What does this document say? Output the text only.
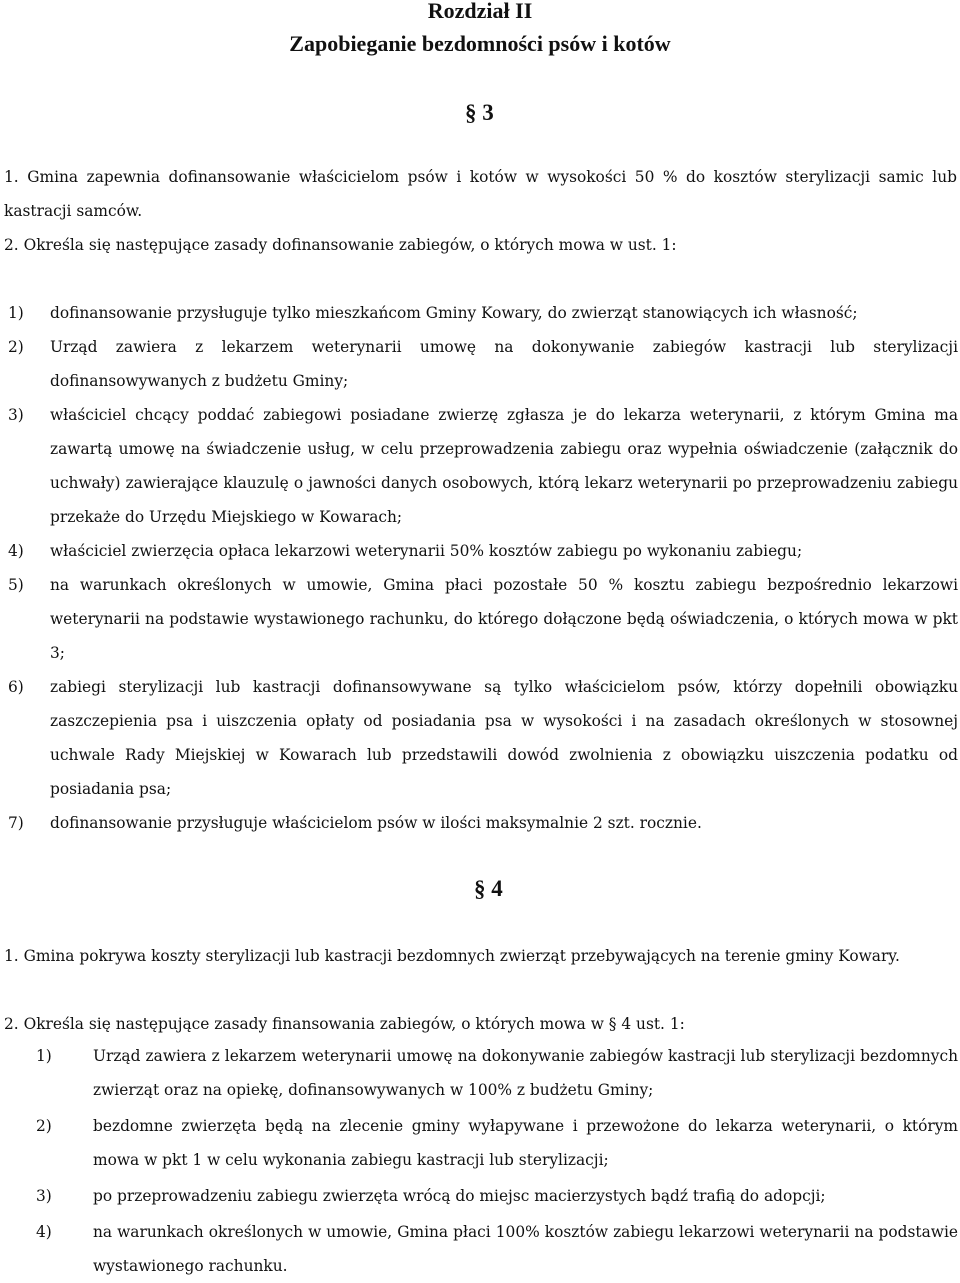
Rozdział II
Zapobieganie bezdomności psów i kotów
§ 3

1. Gmina zapewnia dofinansowanie właścicielom psów i kotów w wysokości 50 % do kosztów sterylizacji samic lub kastracji samców.

2. Określa się następujące zasady dofinansowanie zabiegów, o których mowa w ust. 1:

1) dofinansowanie przysługuje tylko mieszkańcom Gminy Kowary, do zwierząt stanowiących ich własność;
2) Urząd zawiera z lekarzem weterynarii umowę na dokonywanie zabiegów kastracji lub sterylizacji dofinansowywanych z budżetu Gminy;
3) właściciel chcący poddać zabiegowi posiadane zwierzę zgłasza je do lekarza weterynarii, z którym Gmina ma zawartą umowę na świadczenie usług, w celu przeprowadzenia zabiegu oraz wypełnia oświadczenie (załącznik do uchwały) zawierające klauzulę o jawności danych osobowych, którą lekarz weterynarii po przeprowadzeniu zabiegu przekaże do Urzędu Miejskiego w Kowarach;
4) właściciel zwierzęcia opłaca lekarzowi weterynarii 50% kosztów zabiegu po wykonaniu zabiegu;
5) na warunkach określonych w umowie, Gmina płaci pozostałe 50 % kosztu zabiegu bezpośrednio lekarzowi weterynarii na podstawie wystawionego rachunku, do którego dołączone będą oświadczenia, o których mowa w pkt 3;
6) zabiegi sterylizacji lub kastracji dofinansowywane są tylko właścicielom psów, którzy dopełnili obowiązku zaszczepienia psa i uiszczenia opłaty od posiadania psa w wysokości i na zasadach określonych w stosownej uchwale Rady Miejskiej w Kowarach lub przedstawili dowód zwolnienia z obowiązku uiszczenia podatku od posiadania psa;
7) dofinansowanie przysługuje właścicielom psów w ilości maksymalnie 2 szt. rocznie.
§ 4

1. Gmina pokrywa koszty sterylizacji lub kastracji bezdomnych zwierząt przebywających na terenie gminy Kowary.

2. Określa się następujące zasady finansowania zabiegów, o których mowa w § 4 ust. 1:

1)	Urząd zawiera z lekarzem weterynarii umowę na dokonywanie zabiegów kastracji lub sterylizacji bezdomnych zwierząt oraz na opiekę, dofinansowywanych w 100% z budżetu Gminy;
2)	bezdomne zwierzęta będą na zlecenie gminy wyłapywane i przewożone do lekarza weterynarii, o którym mowa w pkt 1 w celu wykonania zabiegu kastracji lub sterylizacji;
3)	po przeprowadzeniu zabiegu zwierzęta wrócą do miejsc macierzystych bądź trafią do adopcji;
4)	na warunkach określonych w umowie, Gmina płaci 100% kosztów zabiegu lekarzowi weterynarii na podstawie wystawionego rachunku.
